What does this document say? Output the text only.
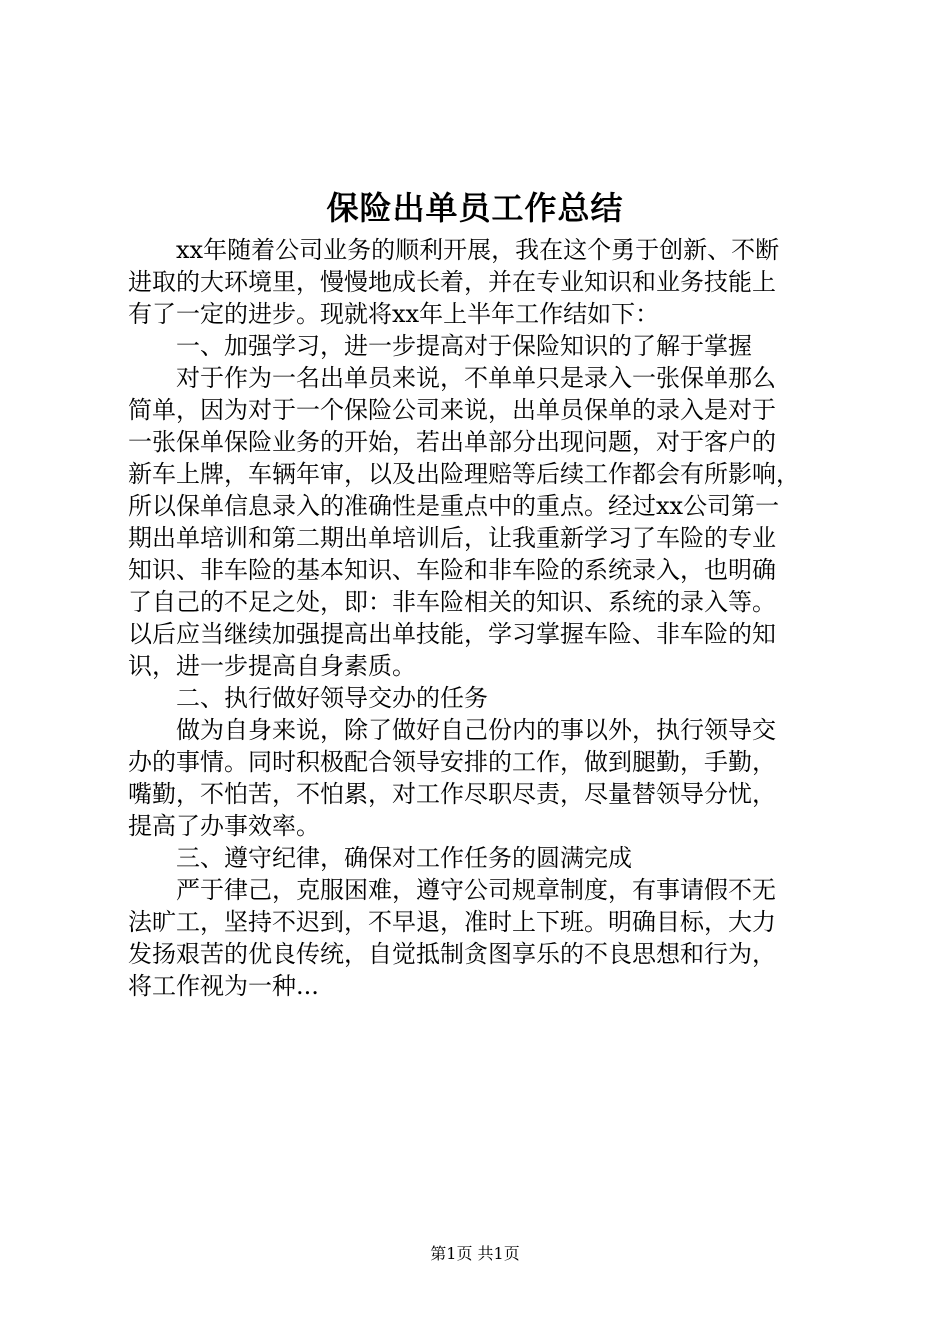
保险出单员工作总结
　　xx年随着公司业务的顺利开展，我在这个勇于创新、不断
进取的大环境里，慢慢地成长着，并在专业知识和业务技能上
有了一定的进步。现就将xx年上半年工作结如下：
　　一、加强学习，进一步提高对于保险知识的了解于掌握
　　对于作为一名出单员来说，不单单只是录入一张保单那么
简单，因为对于一个保险公司来说，出单员保单的录入是对于
一张保单保险业务的开始，若出单部分出现问题，对于客户的
新车上牌，车辆年审，以及出险理赔等后续工作都会有所影响，
所以保单信息录入的准确性是重点中的重点。经过xx公司第一
期出单培训和第二期出单培训后，让我重新学习了车险的专业
知识、非车险的基本知识、车险和非车险的系统录入，也明确
了自己的不足之处，即：非车险相关的知识、系统的录入等。
以后应当继续加强提高出单技能，学习掌握车险、非车险的知
识，进一步提高自身素质。
　　二、执行做好领导交办的任务
　　做为自身来说，除了做好自己份内的事以外，执行领导交
办的事情。同时积极配合领导安排的工作，做到腿勤，手勤，
嘴勤，不怕苦，不怕累，对工作尽职尽责，尽量替领导分忧，
提高了办事效率。
　　三、遵守纪律，确保对工作任务的圆满完成
　　严于律己，克服困难，遵守公司规章制度，有事请假不无
法旷工，坚持不迟到，不早退，准时上下班。明确目标，大力
发扬艰苦的优良传统，自觉抵制贪图享乐的不良思想和行为，
将工作视为一种...
第1页 共1页
